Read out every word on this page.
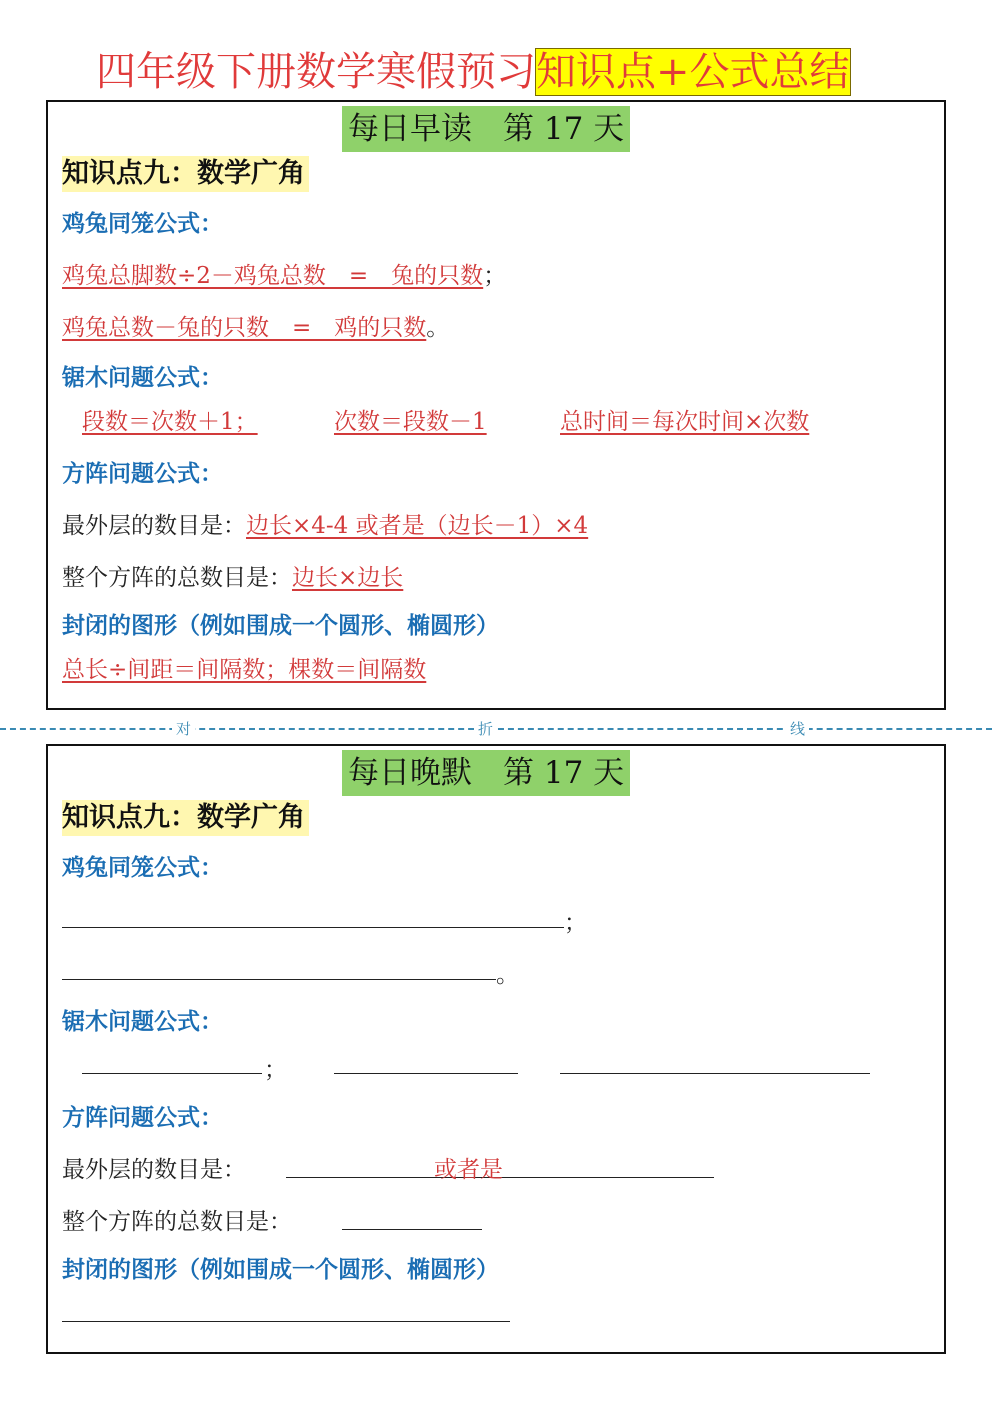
四年级下册数学寒假预习知识点+公式总结
每日早读　第 17 天
知识点九：数学广角
鸡兔同笼公式：
鸡兔总脚数÷2－鸡兔总数　=　兔的只数；
鸡兔总数－兔的只数　=　鸡的只数。
锯木问题公式：
段数＝次数＋1；	次数＝段数－1	总时间＝每次时间×次数
方阵问题公式：
最外层的数目是：边长×4-4 或者是（边长－1）×4
整个方阵的总数目是：边长×边长
封闭的图形（例如围成一个圆形、椭圆形）
总长÷间距＝间隔数；棵数＝间隔数
对	折	线
每日晚默　第 17 天
知识点九：数学广角
鸡兔同笼公式：
；
。
锯木问题公式：
；
方阵问题公式：
最外层的数目是：	或者是
整个方阵的总数目是：
封闭的图形（例如围成一个圆形、椭圆形）
